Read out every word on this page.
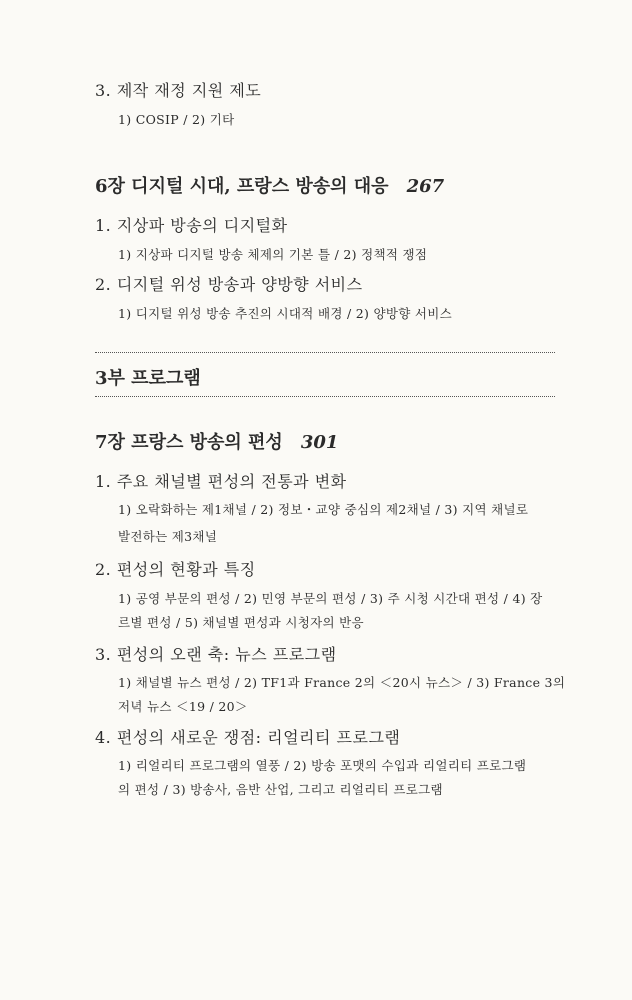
3. 제작 재정 지원 제도
1) COSIP / 2) 기타
6장 디지털 시대, 프랑스 방송의 대응 267
1. 지상파 방송의 디지털화
1) 지상파 디지털 방송 체제의 기본 틀 / 2) 정책적 쟁점
2. 디지털 위성 방송과 양방향 서비스
1) 디지털 위성 방송 추진의 시대적 배경 / 2) 양방향 서비스
3부 프로그램
7장 프랑스 방송의 편성 301
1. 주요 채널별 편성의 전통과 변화
1) 오락화하는 제1채널 / 2) 정보・교양 중심의 제2채널 / 3) 지역 채널로
발전하는 제3채널
2. 편성의 현황과 특징
1) 공영 부문의 편성 / 2) 민영 부문의 편성 / 3) 주 시청 시간대 편성 / 4) 장
르별 편성 / 5) 채널별 편성과 시청자의 반응
3. 편성의 오랜 축: 뉴스 프로그램
1) 채널별 뉴스 편성 / 2) TF1과 France 2의 ＜20시 뉴스＞ / 3) France 3의
저녁 뉴스 ＜19 / 20＞
4. 편성의 새로운 쟁점: 리얼리티 프로그램
1) 리얼리티 프로그램의 열풍 / 2) 방송 포맷의 수입과 리얼리티 프로그램
의 편성 / 3) 방송사, 음반 산업, 그리고 리얼리티 프로그램
